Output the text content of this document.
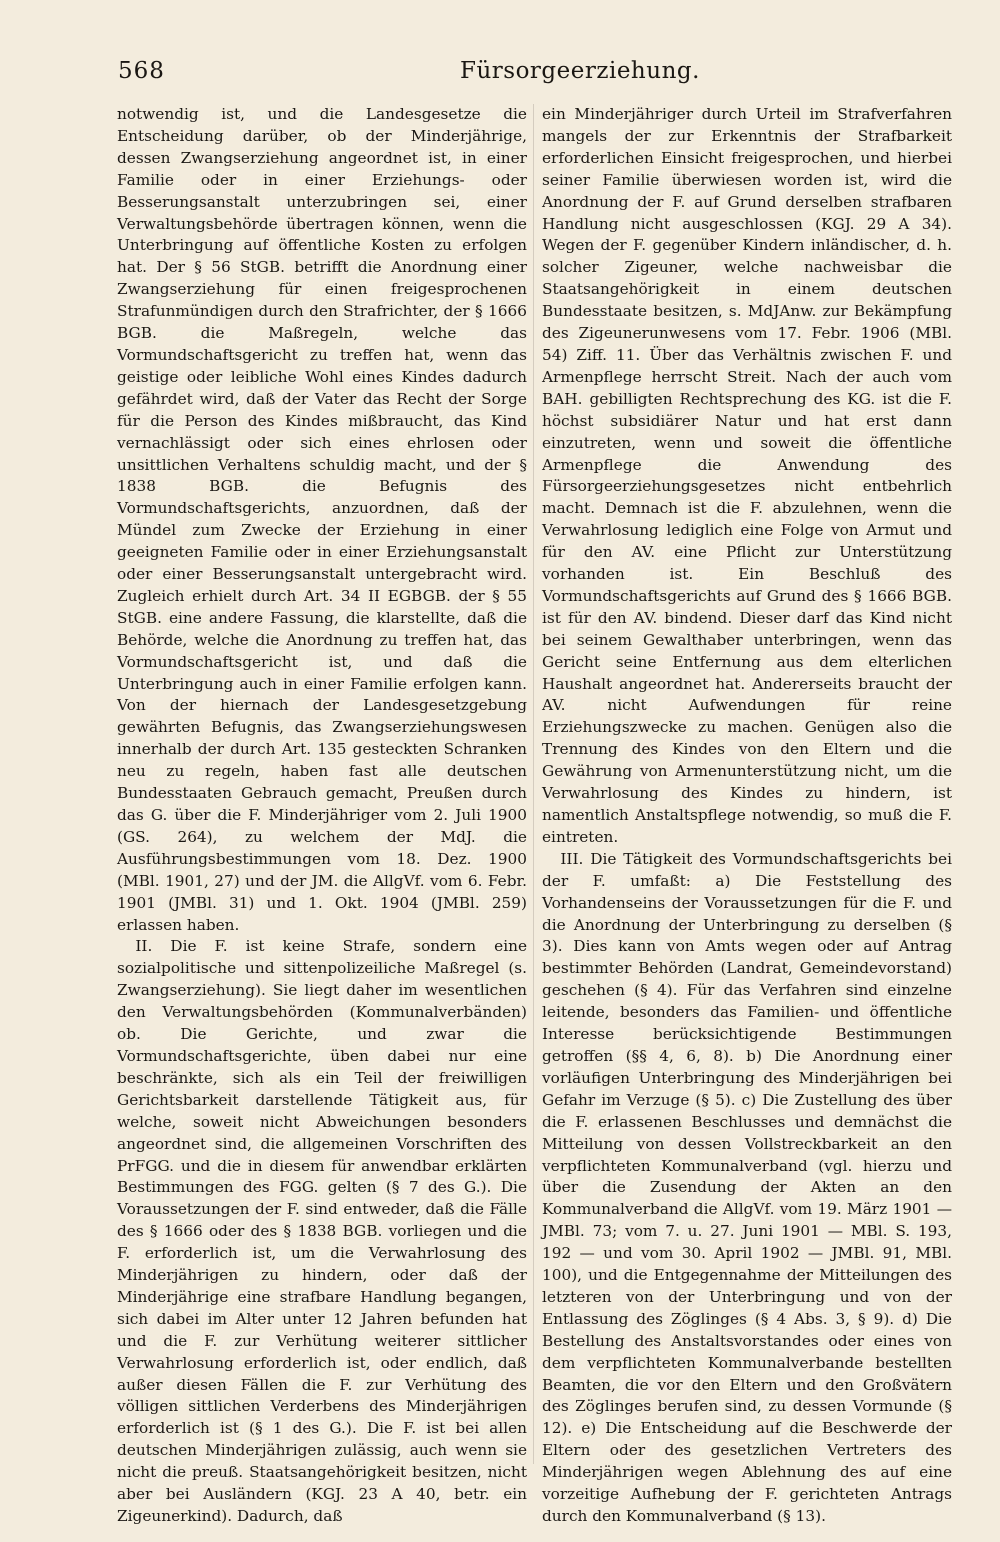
568	Fürsorgeerziehung.

notwendig ist, und die Landesgesetze die Entscheidung darüber, ob der Minderjährige, dessen Zwangserziehung angeordnet ist, in einer Familie oder in einer Erziehungs- oder Besserungsanstalt unterzubringen sei, einer Verwaltungsbehörde übertragen können, wenn die Unterbringung auf öffentliche Kosten zu erfolgen hat. Der § 56 StGB. betrifft die Anordnung einer Zwangserziehung für einen freigesprochenen Strafunmündigen durch den Strafrichter, der § 1666 BGB. die Maßregeln, welche das Vormundschaftsgericht zu treffen hat, wenn das geistige oder leibliche Wohl eines Kindes dadurch gefährdet wird, daß der Vater das Recht der Sorge für die Person des Kindes mißbraucht, das Kind vernachlässigt oder sich eines ehrlosen oder unsittlichen Verhaltens schuldig macht, und der § 1838 BGB. die Befugnis des Vormundschaftsgerichts, anzuordnen, daß der Mündel zum Zwecke der Erziehung in einer geeigneten Familie oder in einer Erziehungsanstalt oder einer Besserungsanstalt untergebracht wird. Zugleich erhielt durch Art. 34 II EGBGB. der § 55 StGB. eine andere Fassung, die klarstellte, daß die Behörde, welche die Anordnung zu treffen hat, das Vormundschaftsgericht ist, und daß die Unterbringung auch in einer Familie erfolgen kann. Von der hiernach der Landesgesetzgebung gewährten Befugnis, das Zwangserziehungswesen innerhalb der durch Art. 135 gesteckten Schranken neu zu regeln, haben fast alle deutschen Bundesstaaten Gebrauch gemacht, Preußen durch das G. über die F. Minderjähriger vom 2. Juli 1900 (GS. 264), zu welchem der MdJ. die Ausführungsbestimmungen vom 18. Dez. 1900 (MBl. 1901, 27) und der JM. die AllgVf. vom 6. Febr. 1901 (JMBl. 31) und 1. Okt. 1904 (JMBl. 259) erlassen haben.

II. Die F. ist keine Strafe, sondern eine sozialpolitische und sittenpolizeiliche Maßregel (s. Zwangserziehung). Sie liegt daher im wesentlichen den Verwaltungsbehörden (Kommunalverbänden) ob. Die Gerichte, und zwar die Vormundschaftsgerichte, üben dabei nur eine beschränkte, sich als ein Teil der freiwilligen Gerichtsbarkeit darstellende Tätigkeit aus, für welche, soweit nicht Abweichungen besonders angeordnet sind, die allgemeinen Vorschriften des PrFGG. und die in diesem für anwendbar erklärten Bestimmungen des FGG. gelten (§ 7 des G.). Die Voraussetzungen der F. sind entweder, daß die Fälle des § 1666 oder des § 1838 BGB. vorliegen und die F. erforderlich ist, um die Verwahrlosung des Minderjährigen zu hindern, oder daß der Minderjährige eine strafbare Handlung begangen, sich dabei im Alter unter 12 Jahren befunden hat und die F. zur Verhütung weiterer sittlicher Verwahrlosung erforderlich ist, oder endlich, daß außer diesen Fällen die F. zur Verhütung des völligen sittlichen Verderbens des Minderjährigen erforderlich ist (§ 1 des G.). Die F. ist bei allen deutschen Minderjährigen zulässig, auch wenn sie nicht die preuß. Staatsangehörigkeit besitzen, nicht aber bei Ausländern (KGJ. 23 A 40, betr. ein Zigeunerkind). Dadurch, daß

ein Minderjähriger durch Urteil im Strafverfahren mangels der zur Erkenntnis der Strafbarkeit erforderlichen Einsicht freigesprochen, und hierbei seiner Familie überwiesen worden ist, wird die Anordnung der F. auf Grund derselben strafbaren Handlung nicht ausgeschlossen (KGJ. 29 A 34). Wegen der F. gegenüber Kindern inländischer, d. h. solcher Zigeuner, welche nachweisbar die Staatsangehörigkeit in einem deutschen Bundesstaate besitzen, s. MdJAnw. zur Bekämpfung des Zigeunerunwesens vom 17. Febr. 1906 (MBl. 54) Ziff. 11. Über das Verhältnis zwischen F. und Armenpflege herrscht Streit. Nach der auch vom BAH. gebilligten Rechtsprechung des KG. ist die F. höchst subsidiärer Natur und hat erst dann einzutreten, wenn und soweit die öffentliche Armenpflege die Anwendung des Fürsorgeerziehungsgesetzes nicht entbehrlich macht. Demnach ist die F. abzulehnen, wenn die Verwahrlosung lediglich eine Folge von Armut und für den AV. eine Pflicht zur Unterstützung vorhanden ist. Ein Beschluß des Vormundschaftsgerichts auf Grund des § 1666 BGB. ist für den AV. bindend. Dieser darf das Kind nicht bei seinem Gewalthaber unterbringen, wenn das Gericht seine Entfernung aus dem elterlichen Haushalt angeordnet hat. Andererseits braucht der AV. nicht Aufwendungen für reine Erziehungszwecke zu machen. Genügen also die Trennung des Kindes von den Eltern und die Gewährung von Armenunterstützung nicht, um die Verwahrlosung des Kindes zu hindern, ist namentlich Anstaltspflege notwendig, so muß die F. eintreten.

III. Die Tätigkeit des Vormundschaftsgerichts bei der F. umfaßt: a) Die Feststellung des Vorhandenseins der Voraussetzungen für die F. und die Anordnung der Unterbringung zu derselben (§ 3). Dies kann von Amts wegen oder auf Antrag bestimmter Behörden (Landrat, Gemeindevorstand) geschehen (§ 4). Für das Verfahren sind einzelne leitende, besonders das Familien- und öffentliche Interesse berücksichtigende Bestimmungen getroffen (§§ 4, 6, 8). b) Die Anordnung einer vorläufigen Unterbringung des Minderjährigen bei Gefahr im Verzuge (§ 5). c) Die Zustellung des über die F. erlassenen Beschlusses und demnächst die Mitteilung von dessen Vollstreckbarkeit an den verpflichteten Kommunalverband (vgl. hierzu und über die Zusendung der Akten an den Kommunalverband die AllgVf. vom 19. März 1901 — JMBl. 73; vom 7. u. 27. Juni 1901 — MBl. S. 193, 192 — und vom 30. April 1902 — JMBl. 91, MBl. 100), und die Entgegennahme der Mitteilungen des letzteren von der Unterbringung und von der Entlassung des Zöglinges (§ 4 Abs. 3, § 9). d) Die Bestellung des Anstaltsvorstandes oder eines von dem verpflichteten Kommunalverbande bestellten Beamten, die vor den Eltern und den Großvätern des Zöglinges berufen sind, zu dessen Vormunde (§ 12). e) Die Entscheidung auf die Beschwerde der Eltern oder des gesetzlichen Vertreters des Minderjährigen wegen Ablehnung des auf eine vorzeitige Aufhebung der F. gerichteten Antrags durch den Kommunalverband (§ 13).
